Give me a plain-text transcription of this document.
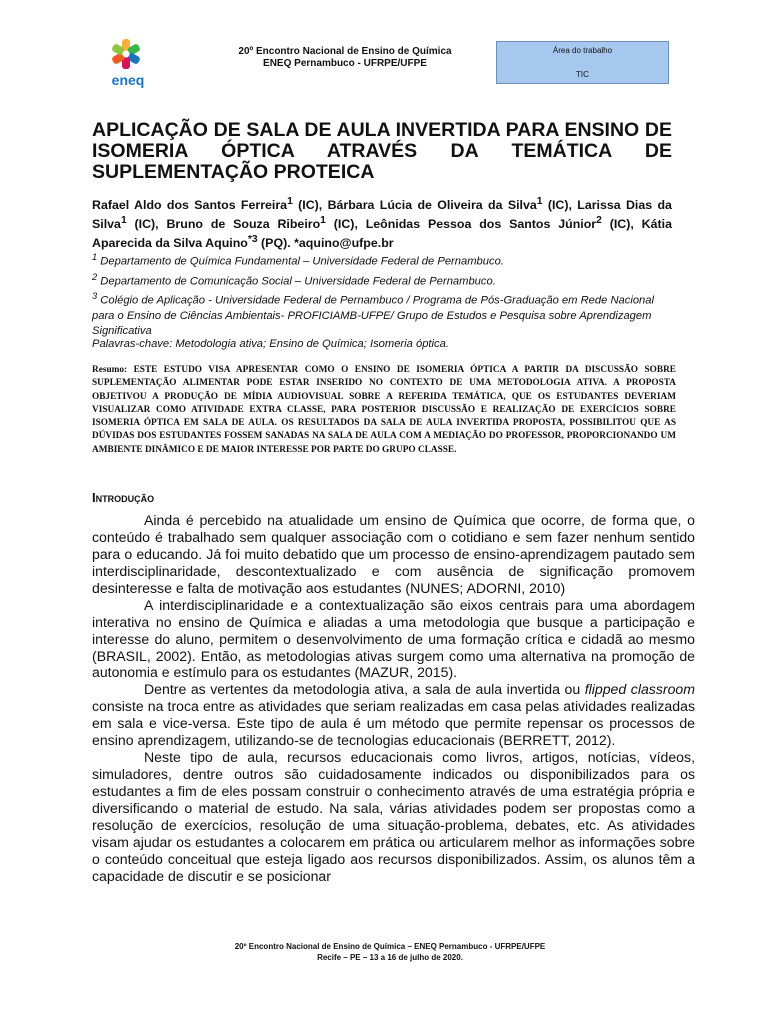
eneq
20º Encontro Nacional de Ensino de Química
ENEQ Pernambuco - UFRPE/UFPE
Área do trabalho
TIC
APLICAÇÃO DE SALA DE AULA INVERTIDA PARA ENSINO DE ISOMERIA ÓPTICA ATRAVÉS DA TEMÁTICA DE SUPLEMENTAÇÃO PROTEICA
Rafael Aldo dos Santos Ferreira$^1$ (IC), Bárbara Lúcia de Oliveira da Silva$^1$ (IC), Larissa Dias da Silva$^1$ (IC), Bruno de Souza Ribeiro$^1$ (IC), Leônidas Pessoa dos Santos Júnior$^2$ (IC), Kátia Aparecida da Silva Aquino$^{*3}$ (PQ). *aquino@ufpe.br
$^1$ Departamento de Química Fundamental – Universidade Federal de Pernambuco.
$^2$ Departamento de Comunicação Social – Universidade Federal de Pernambuco.
$^3$ Colégio de Aplicação - Universidade Federal de Pernambuco / Programa de Pós-Graduação em Rede Nacional para o Ensino de Ciências Ambientais- PROFICIAMB-UFPE/ Grupo de Estudos e Pesquisa sobre Aprendizagem Significativa
Palavras-chave: Metodologia ativa; Ensino de Química; Isomeria óptica.
Resumo: ESTE ESTUDO VISA APRESENTAR COMO O ENSINO DE ISOMERIA ÓPTICA A PARTIR DA DISCUSSÃO SOBRE SUPLEMENTAÇÃO ALIMENTAR PODE ESTAR INSERIDO NO CONTEXTO DE UMA METODOLOGIA ATIVA. A PROPOSTA OBJETIVOU A PRODUÇÃO DE MÍDIA AUDIOVISUAL SOBRE A REFERIDA TEMÁTICA, QUE OS ESTUDANTES DEVERIAM VISUALIZAR COMO ATIVIDADE EXTRA CLASSE, PARA POSTERIOR DISCUSSÃO E REALIZAÇÃO DE EXERCÍCIOS SOBRE ISOMERIA ÓPTICA EM SALA DE AULA. OS RESULTADOS DA SALA DE AULA INVERTIDA PROPOSTA, POSSIBILITOU QUE AS DÚVIDAS DOS ESTUDANTES FOSSEM SANADAS NA SALA DE AULA COM A MEDIAÇÃO DO PROFESSOR, PROPORCIONANDO UM AMBIENTE DINÂMICO E DE MAIOR INTERESSE POR PARTE DO GRUPO CLASSE.
Introdução

Ainda é percebido na atualidade um ensino de Química que ocorre, de forma que, o conteúdo é trabalhado sem qualquer associação com o cotidiano e sem fazer nenhum sentido para o educando. Já foi muito debatido que um processo de ensino-aprendizagem pautado sem interdisciplinaridade, descontextualizado e com ausência de significação promovem desinteresse e falta de motivação aos estudantes (NUNES; ADORNI, 2010)

A interdisciplinaridade e a contextualização são eixos centrais para uma abordagem interativa no ensino de Química e aliadas a uma metodologia que busque a participação e interesse do aluno, permitem o desenvolvimento de uma formação crítica e cidadã ao mesmo (BRASIL, 2002). Então, as metodologias ativas surgem como uma alternativa na promoção de autonomia e estímulo para os estudantes (MAZUR, 2015).

Dentre as vertentes da metodologia ativa, a sala de aula invertida ou flipped classroom consiste na troca entre as atividades que seriam realizadas em casa pelas atividades realizadas em sala e vice-versa. Este tipo de aula é um método que permite repensar os processos de ensino aprendizagem, utilizando-se de tecnologias educacionais (BERRETT, 2012).

Neste tipo de aula, recursos educacionais como livros, artigos, notícias, vídeos, simuladores, dentre outros são cuidadosamente indicados ou disponibilizados para os estudantes a fim de eles possam construir o conhecimento através de uma estratégia própria e diversificando o material de estudo. Na sala, várias atividades podem ser propostas como a resolução de exercícios, resolução de uma situação-problema, debates, etc. As atividades visam ajudar os estudantes a colocarem em prática ou articularem melhor as informações sobre o conteúdo conceitual que esteja ligado aos recursos disponibilizados. Assim, os alunos têm a capacidade de discutir e se posicionar

20º Encontro Nacional de Ensino de Química – ENEQ Pernambuco - UFRPE/UFPE
Recife – PE – 13 a 16 de julho de 2020.
